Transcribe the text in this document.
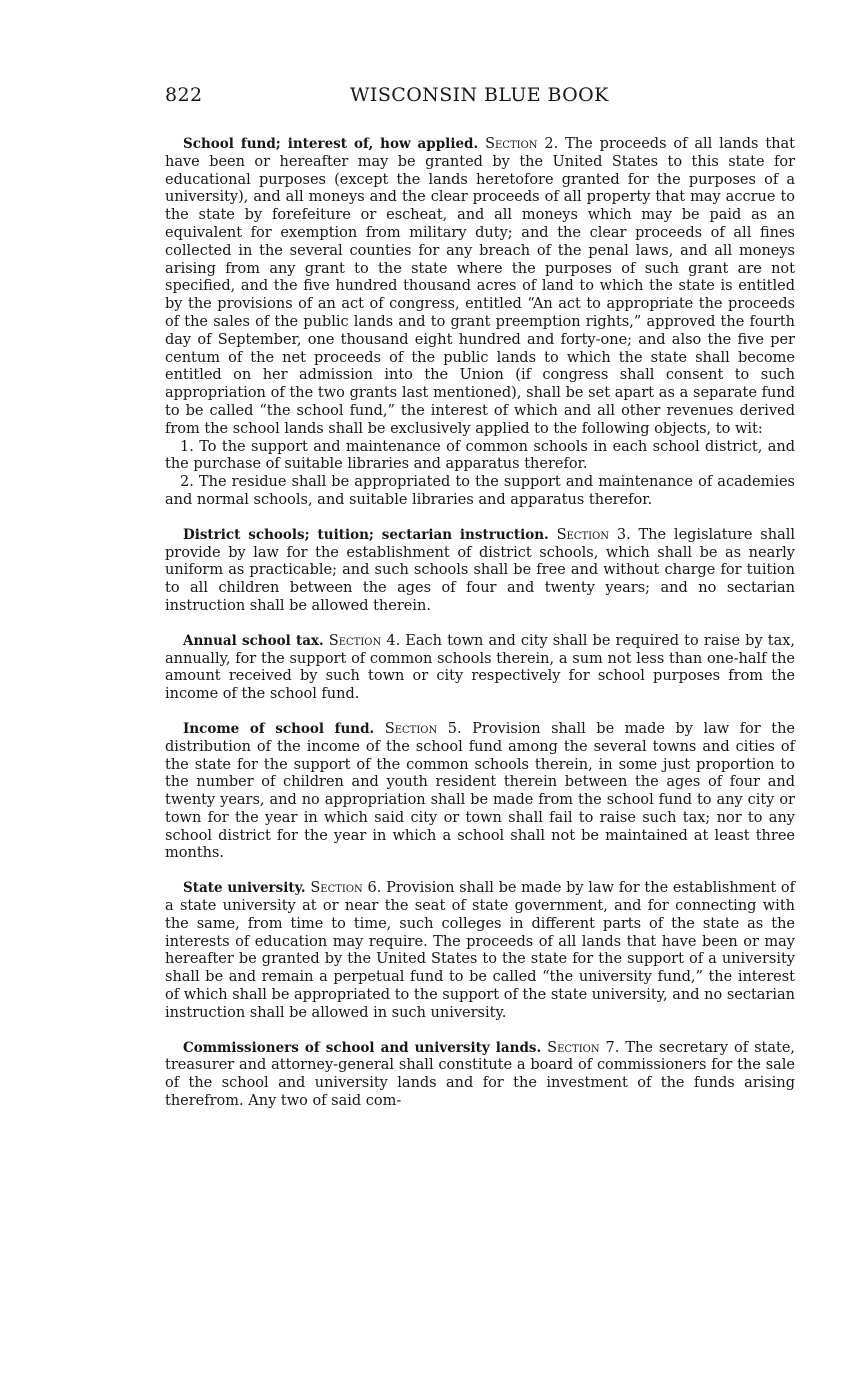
822	WISCONSIN BLUE BOOK

School fund; interest of, how applied. Section 2. The proceeds of all lands that have been or hereafter may be granted by the United States to this state for educational purposes (except the lands heretofore granted for the purposes of a university), and all moneys and the clear proceeds of all property that may accrue to the state by forefeiture or escheat, and all moneys which may be paid as an equivalent for exemption from military duty; and the clear proceeds of all fines collected in the several counties for any breach of the penal laws, and all moneys arising from any grant to the state where the purposes of such grant are not specified, and the five hundred thousand acres of land to which the state is entitled by the provisions of an act of congress, entitled “An act to appropriate the proceeds of the sales of the public lands and to grant preemption rights,” approved the fourth day of September, one thousand eight hundred and forty-one; and also the five per centum of the net proceeds of the public lands to which the state shall become entitled on her admission into the Union (if congress shall consent to such appropriation of the two grants last mentioned), shall be set apart as a separate fund to be called “the school fund,” the interest of which and all other revenues derived from the school lands shall be exclusively applied to the following objects, to wit:

1. To the support and maintenance of common schools in each school district, and the purchase of suitable libraries and apparatus therefor.

2. The residue shall be appropriated to the support and maintenance of academies and normal schools, and suitable libraries and apparatus therefor.

District schools; tuition; sectarian instruction. Section 3. The legislature shall provide by law for the establishment of district schools, which shall be as nearly uniform as practicable; and such schools shall be free and without charge for tuition to all children between the ages of four and twenty years; and no sectarian instruction shall be allowed therein.

Annual school tax. Section 4. Each town and city shall be required to raise by tax, annually, for the support of common schools therein, a sum not less than one-half the amount received by such town or city respectively for school purposes from the income of the school fund.

Income of school fund. Section 5. Provision shall be made by law for the distribution of the income of the school fund among the several towns and cities of the state for the support of the common schools therein, in some just proportion to the number of children and youth resident therein between the ages of four and twenty years, and no appropriation shall be made from the school fund to any city or town for the year in which said city or town shall fail to raise such tax; nor to any school district for the year in which a school shall not be maintained at least three months.

State university. Section 6. Provision shall be made by law for the establishment of a state university at or near the seat of state government, and for connecting with the same, from time to time, such colleges in different parts of the state as the interests of education may require. The proceeds of all lands that have been or may hereafter be granted by the United States to the state for the support of a university shall be and remain a perpetual fund to be called “the university fund,” the interest of which shall be appropriated to the support of the state university, and no sectarian instruction shall be allowed in such university.

Commissioners of school and university lands. Section 7. The secretary of state, treasurer and attorney-general shall constitute a board of commissioners for the sale of the school and university lands and for the investment of the funds arising therefrom. Any two of said com-
